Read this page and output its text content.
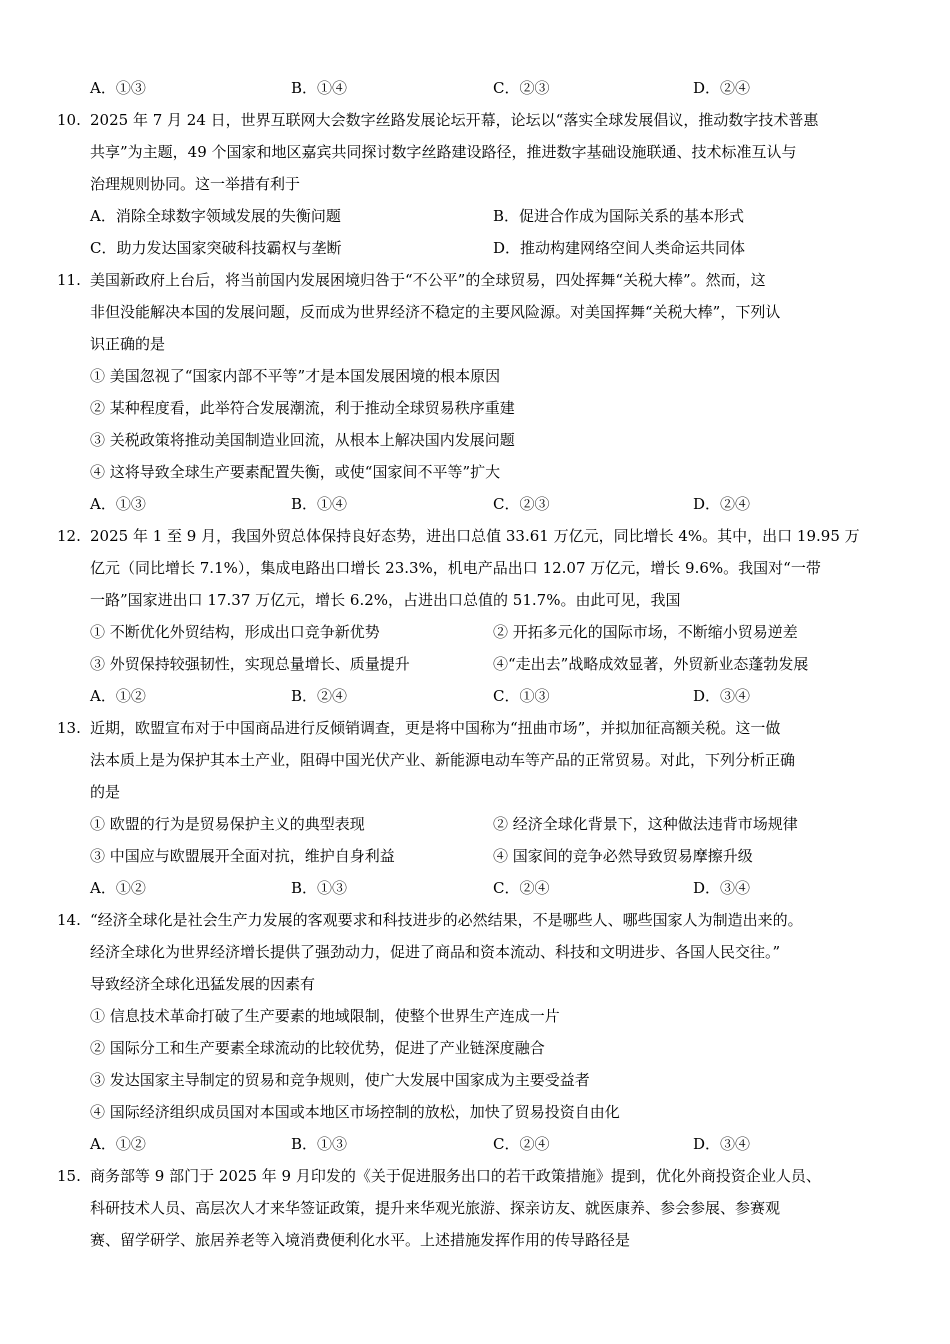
A．①③	B．①④	C．②③	D．②④
10. 2025 年 7 月 24 日，世界互联网大会数字丝路发展论坛开幕，论坛以“落实全球发展倡议，推动数字技术普惠
共享”为主题，49 个国家和地区嘉宾共同探讨数字丝路建设路径，推进数字基础设施联通、技术标准互认与
治理规则协同。这一举措有利于
A．消除全球数字领域发展的失衡问题	B．促进合作成为国际关系的基本形式
C．助力发达国家突破科技霸权与垄断	D．推动构建网络空间人类命运共同体
11. 美国新政府上台后，将当前国内发展困境归咎于“不公平”的全球贸易，四处挥舞“关税大棒”。然而，这
非但没能解决本国的发展问题，反而成为世界经济不稳定的主要风险源。对美国挥舞“关税大棒”，下列认
识正确的是
① 美国忽视了“国家内部不平等”才是本国发展困境的根本原因
② 某种程度看，此举符合发展潮流，利于推动全球贸易秩序重建
③ 关税政策将推动美国制造业回流，从根本上解决国内发展问题
④ 这将导致全球生产要素配置失衡，或使“国家间不平等”扩大
A．①③	B．①④	C．②③	D．②④
12. 2025 年 1 至 9 月，我国外贸总体保持良好态势，进出口总值 33.61 万亿元，同比增长 4%。其中，出口 19.95 万
亿元（同比增长 7.1%），集成电路出口增长 23.3%，机电产品出口 12.07 万亿元，增长 9.6%。我国对“一带
一路”国家进出口 17.37 万亿元，增长 6.2%，占进出口总值的 51.7%。由此可见，我国
① 不断优化外贸结构，形成出口竞争新优势	② 开拓多元化的国际市场，不断缩小贸易逆差
③ 外贸保持较强韧性，实现总量增长、质量提升	④“走出去”战略成效显著，外贸新业态蓬勃发展
A．①②	B．②④	C．①③	D．③④
13. 近期，欧盟宣布对于中国商品进行反倾销调查，更是将中国称为“扭曲市场”，并拟加征高额关税。这一做
法本质上是为保护其本土产业，阻碍中国光伏产业、新能源电动车等产品的正常贸易。对此，下列分析正确
的是
① 欧盟的行为是贸易保护主义的典型表现	② 经济全球化背景下，这种做法违背市场规律
③ 中国应与欧盟展开全面对抗，维护自身利益	④ 国家间的竞争必然导致贸易摩擦升级
A．①②	B．①③	C．②④	D．③④
14. “经济全球化是社会生产力发展的客观要求和科技进步的必然结果，不是哪些人、哪些国家人为制造出来的。
经济全球化为世界经济增长提供了强劲动力，促进了商品和资本流动、科技和文明进步、各国人民交往。”
导致经济全球化迅猛发展的因素有
① 信息技术革命打破了生产要素的地域限制，使整个世界生产连成一片
② 国际分工和生产要素全球流动的比较优势，促进了产业链深度融合
③ 发达国家主导制定的贸易和竞争规则，使广大发展中国家成为主要受益者
④ 国际经济组织成员国对本国或本地区市场控制的放松，加快了贸易投资自由化
A．①②	B．①③	C．②④	D．③④
15. 商务部等 9 部门于 2025 年 9 月印发的《关于促进服务出口的若干政策措施》提到，优化外商投资企业人员、
科研技术人员、高层次人才来华签证政策，提升来华观光旅游、探亲访友、就医康养、参会参展、参赛观
赛、留学研学、旅居养老等入境消费便利化水平。上述措施发挥作用的传导路径是
